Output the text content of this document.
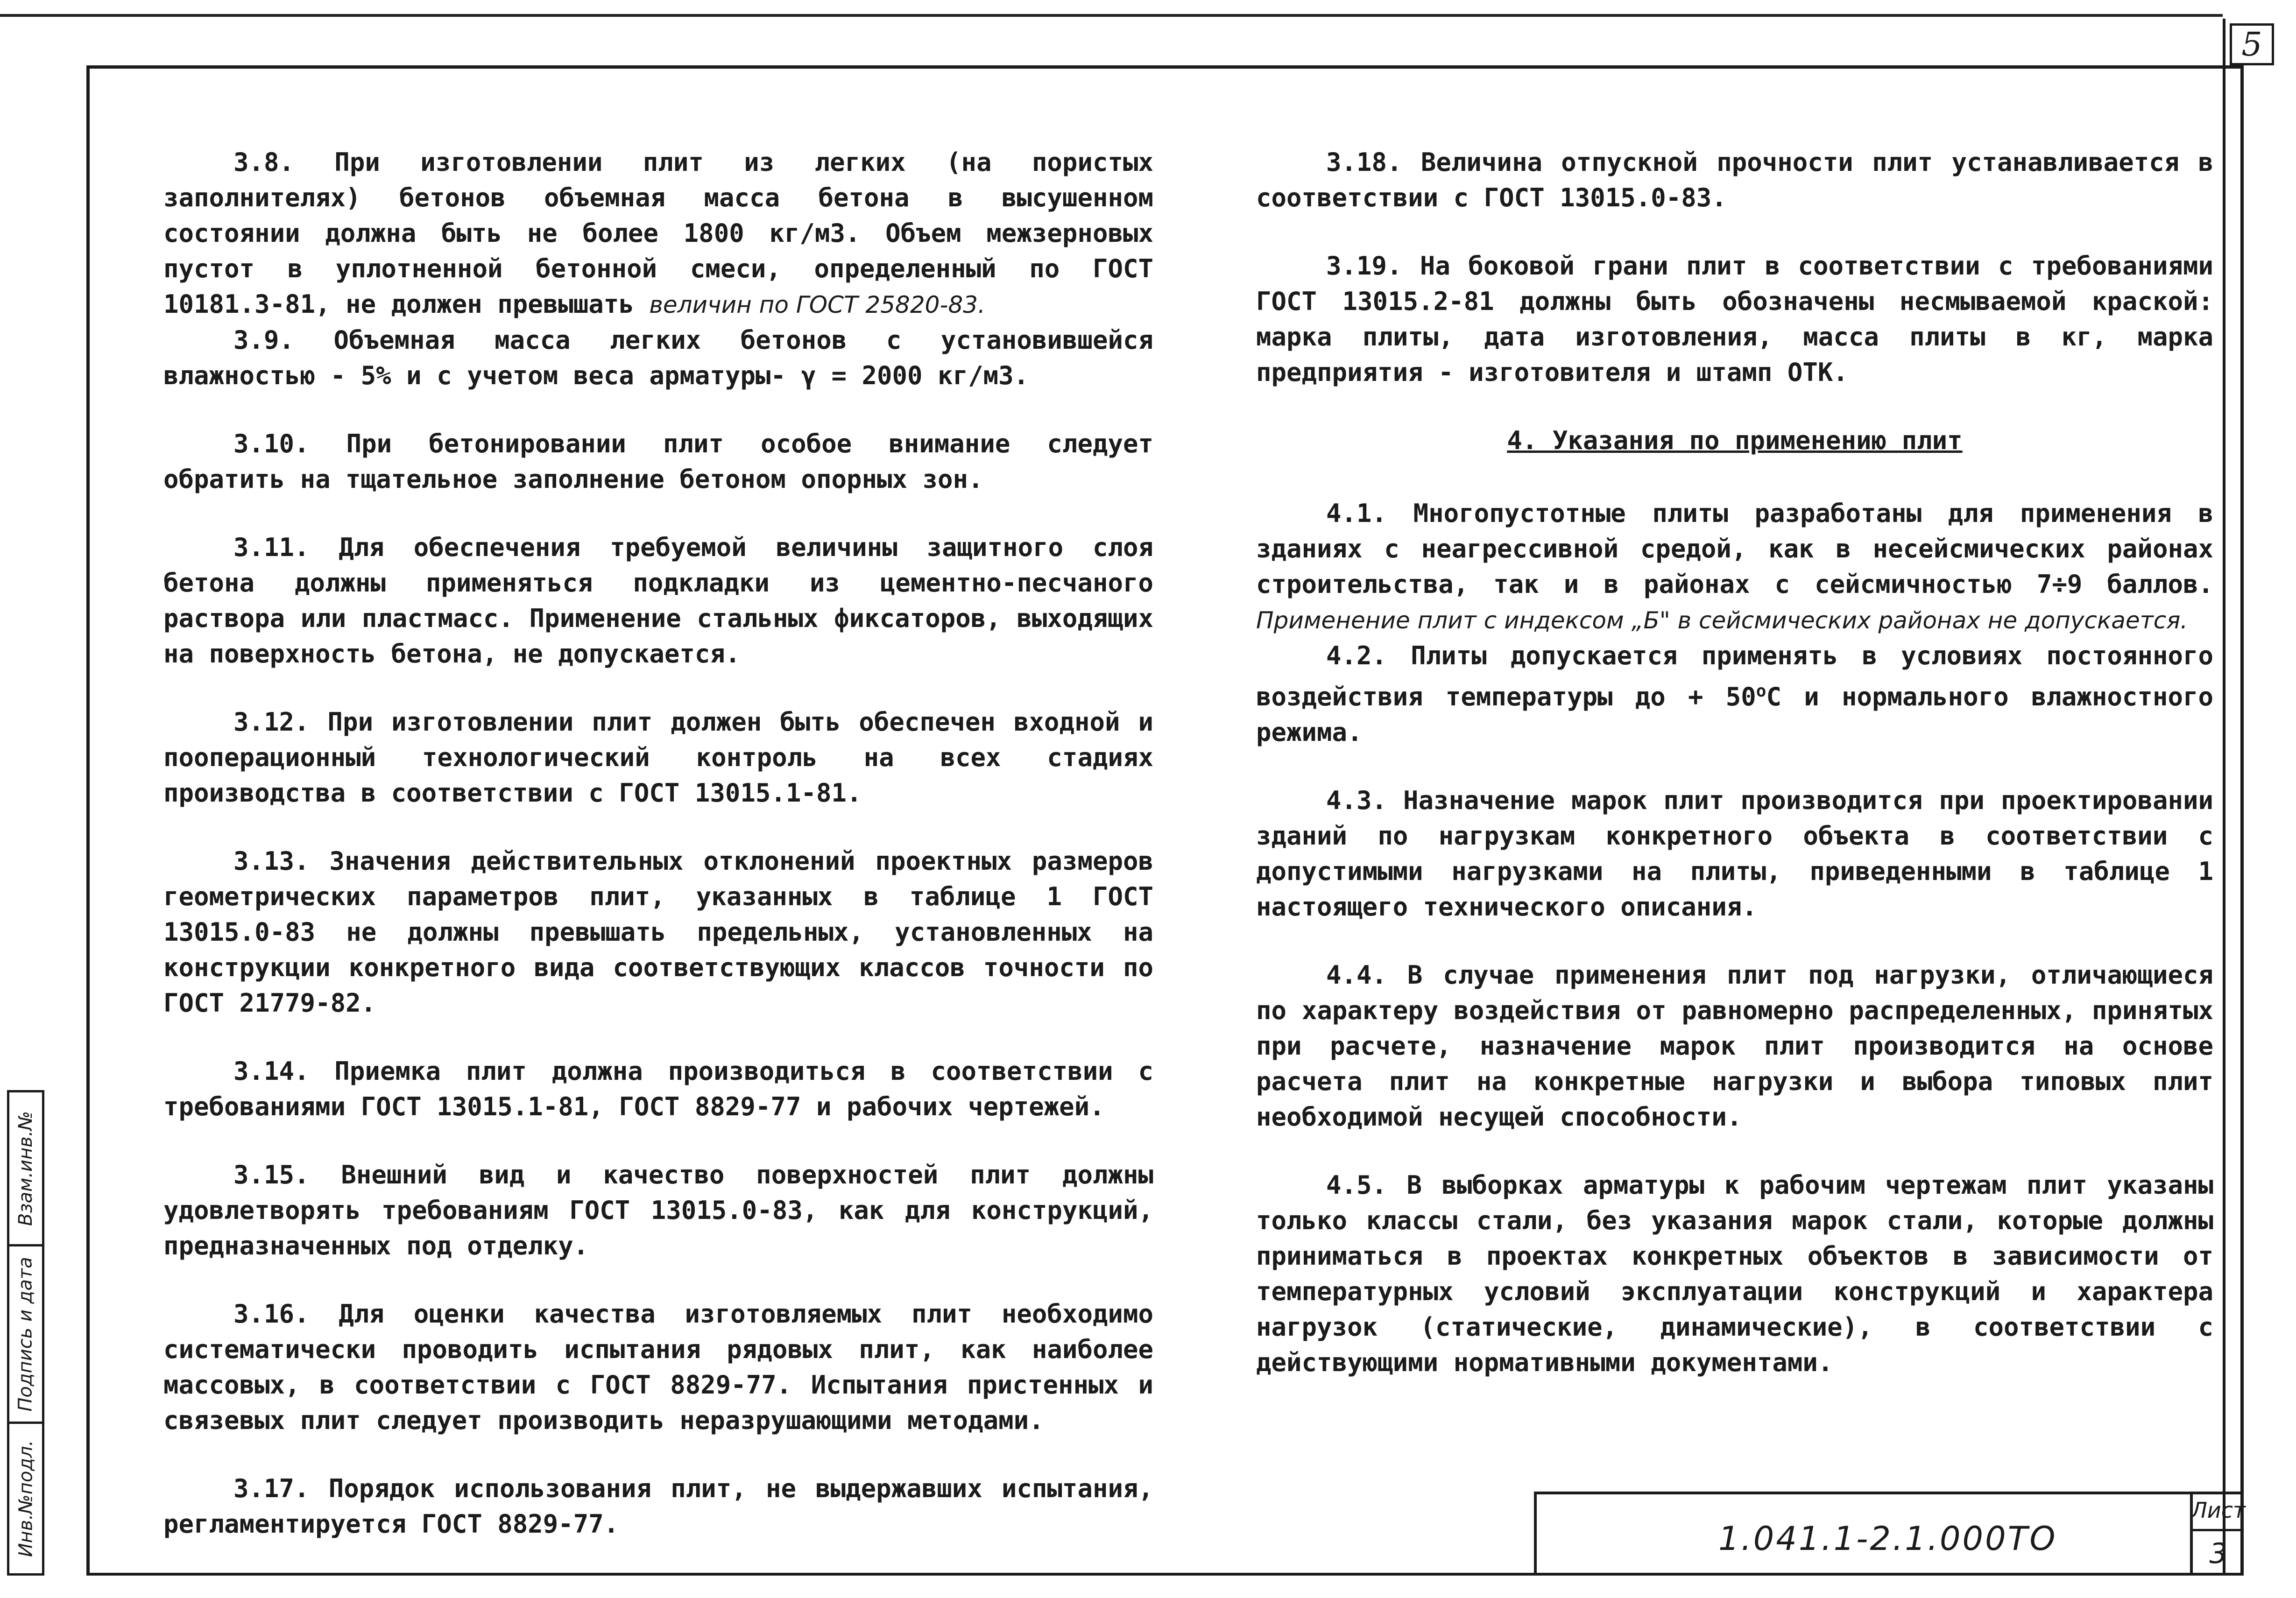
5

3.8. При изготовлении плит из легких (на пористых заполнителях) бетонов объемная масса бетона в высушенном состоянии должна быть не более 1800 кг/м3. Объем межзерновых пустот в уплотненной бетонной смеси, определенный по ГОСТ 10181.3-81, не должен превышать величин по ГОСТ 25820-83.

3.9. Объемная масса легких бетонов с установившейся влажностью - 5% и с учетом веса арматуры- γ = 2000 кг/м3.

3.10. При бетонировании плит особое внимание следует обратить на тщательное заполнение бетоном опорных зон.

3.11. Для обеспечения требуемой величины защитного слоя бетона должны применяться подкладки из цементно-песчаного раствора или пластмасс. Применение стальных фиксаторов, выходящих на поверхность бетона, не допускается.

3.12. При изготовлении плит должен быть обеспечен входной и пооперационный технологический контроль на всех стадиях производства в соответствии с ГОСТ 13015.1-81.

3.13. Значения действительных отклонений проектных размеров геометрических параметров плит, указанных в таблице 1 ГОСТ 13015.0-83 не должны превышать предельных, установленных на конструкции конкретного вида соответствующих классов точности по ГОСТ 21779-82.

3.14. Приемка плит должна производиться в соответствии с требованиями ГОСТ 13015.1-81, ГОСТ 8829-77 и рабочих чертежей.

3.15. Внешний вид и качество поверхностей плит должны удовлетворять требованиям ГОСТ 13015.0-83, как для конструкций, предназначенных под отделку.

3.16. Для оценки качества изготовляемых плит необходимо систематически проводить испытания рядовых плит, как наиболее массовых, в соответствии с ГОСТ 8829-77. Испытания пристенных и связевых плит следует производить неразрушающими методами.

3.17. Порядок использования плит, не выдержавших испытания, регламентируется ГОСТ 8829-77.

3.18. Величина отпускной прочности плит устанавливается в соответствии с ГОСТ 13015.0-83.

3.19. На боковой грани плит в соответствии с требованиями ГОСТ 13015.2-81 должны быть обозначены несмываемой краской: марка плиты, дата изготовления, масса плиты в кг, марка предприятия - изготовителя и штамп ОТК.

4. Указания по применению плит

4.1. Многопустотные плиты разработаны для применения в зданиях с неагрессивной средой, как в несейсмических районах строительства, так и в районах с сейсмичностью 7÷9 баллов. Применение плит с индексом „Б" в сейсмических районах не допускается.

4.2. Плиты допускается применять в условиях постоянного воздействия температуры до + $50^оС$ и нормального влажностного режима.

4.3. Назначение марок плит производится при проектировании зданий по нагрузкам конкретного объекта в соответствии с допустимыми нагрузками на плиты, приведенными в таблице 1 настоящего технического описания.

4.4. В случае применения плит под нагрузки, отличающиеся по характеру воздействия от равномерно распределенных, принятых при расчете, назначение марок плит производится на основе расчета плит на конкретные нагрузки и выбора типовых плит необходимой несущей способности.

4.5. В выборках арматуры к рабочим чертежам плит указаны только классы стали, без указания марок стали, которые должны приниматься в проектах конкретных объектов в зависимости от температурных условий эксплуатации конструкций и характера нагрузок (статические, динамические), в соответствии с действующими нормативными документами.

Взам.инв.№
Подпись и дата
Инв.№подл.	1.041.1-2.1.000ТО
Лист
3
